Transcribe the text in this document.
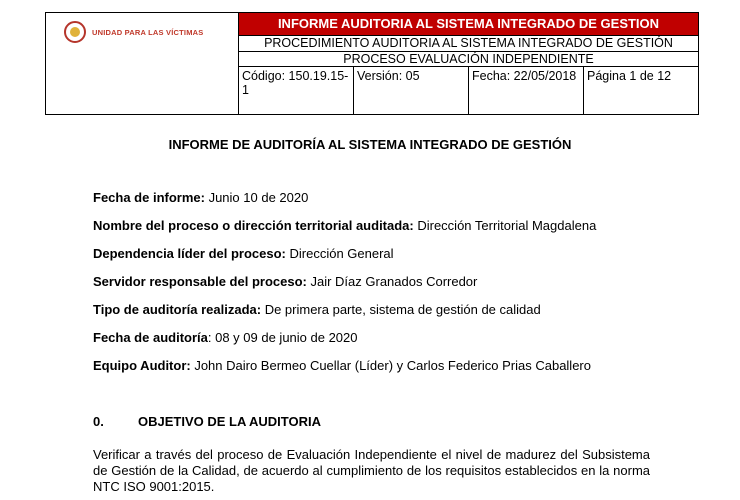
UNIDAD PARA LAS VÍCTIMAS	INFORME AUDITORIA AL SISTEMA INTEGRADO DE GESTION			

	PROCEDIMIENTO AUDITORIA AL SISTEMA INTEGRADO DE GESTIÓN			
	PROCESO EVALUACIÓN INDEPENDIENTE			
	Código: 150.19.15-1	Versión: 05	Fecha: 22/05/2018	Página 1 de 12
INFORME DE AUDITORÍA AL SISTEMA INTEGRADO DE GESTIÓN
Fecha de informe: Junio 10 de 2020
Nombre del proceso o dirección territorial auditada: Dirección Territorial Magdalena
Dependencia líder del proceso: Dirección General
Servidor responsable del proceso: Jair Díaz Granados Corredor
Tipo de auditoría realizada: De primera parte, sistema de gestión de calidad
Fecha de auditoría: 08 y 09 de junio de 2020
Equipo Auditor: John Dairo Bermeo Cuellar (Líder) y Carlos Federico Prias Caballero
0.	OBJETIVO DE LA AUDITORIA
Verificar a través del proceso de Evaluación Independiente el nivel de madurez del Subsistema de Gestión de la Calidad, de acuerdo al cumplimiento de los requisitos establecidos en la norma NTC ISO 9001:2015.
